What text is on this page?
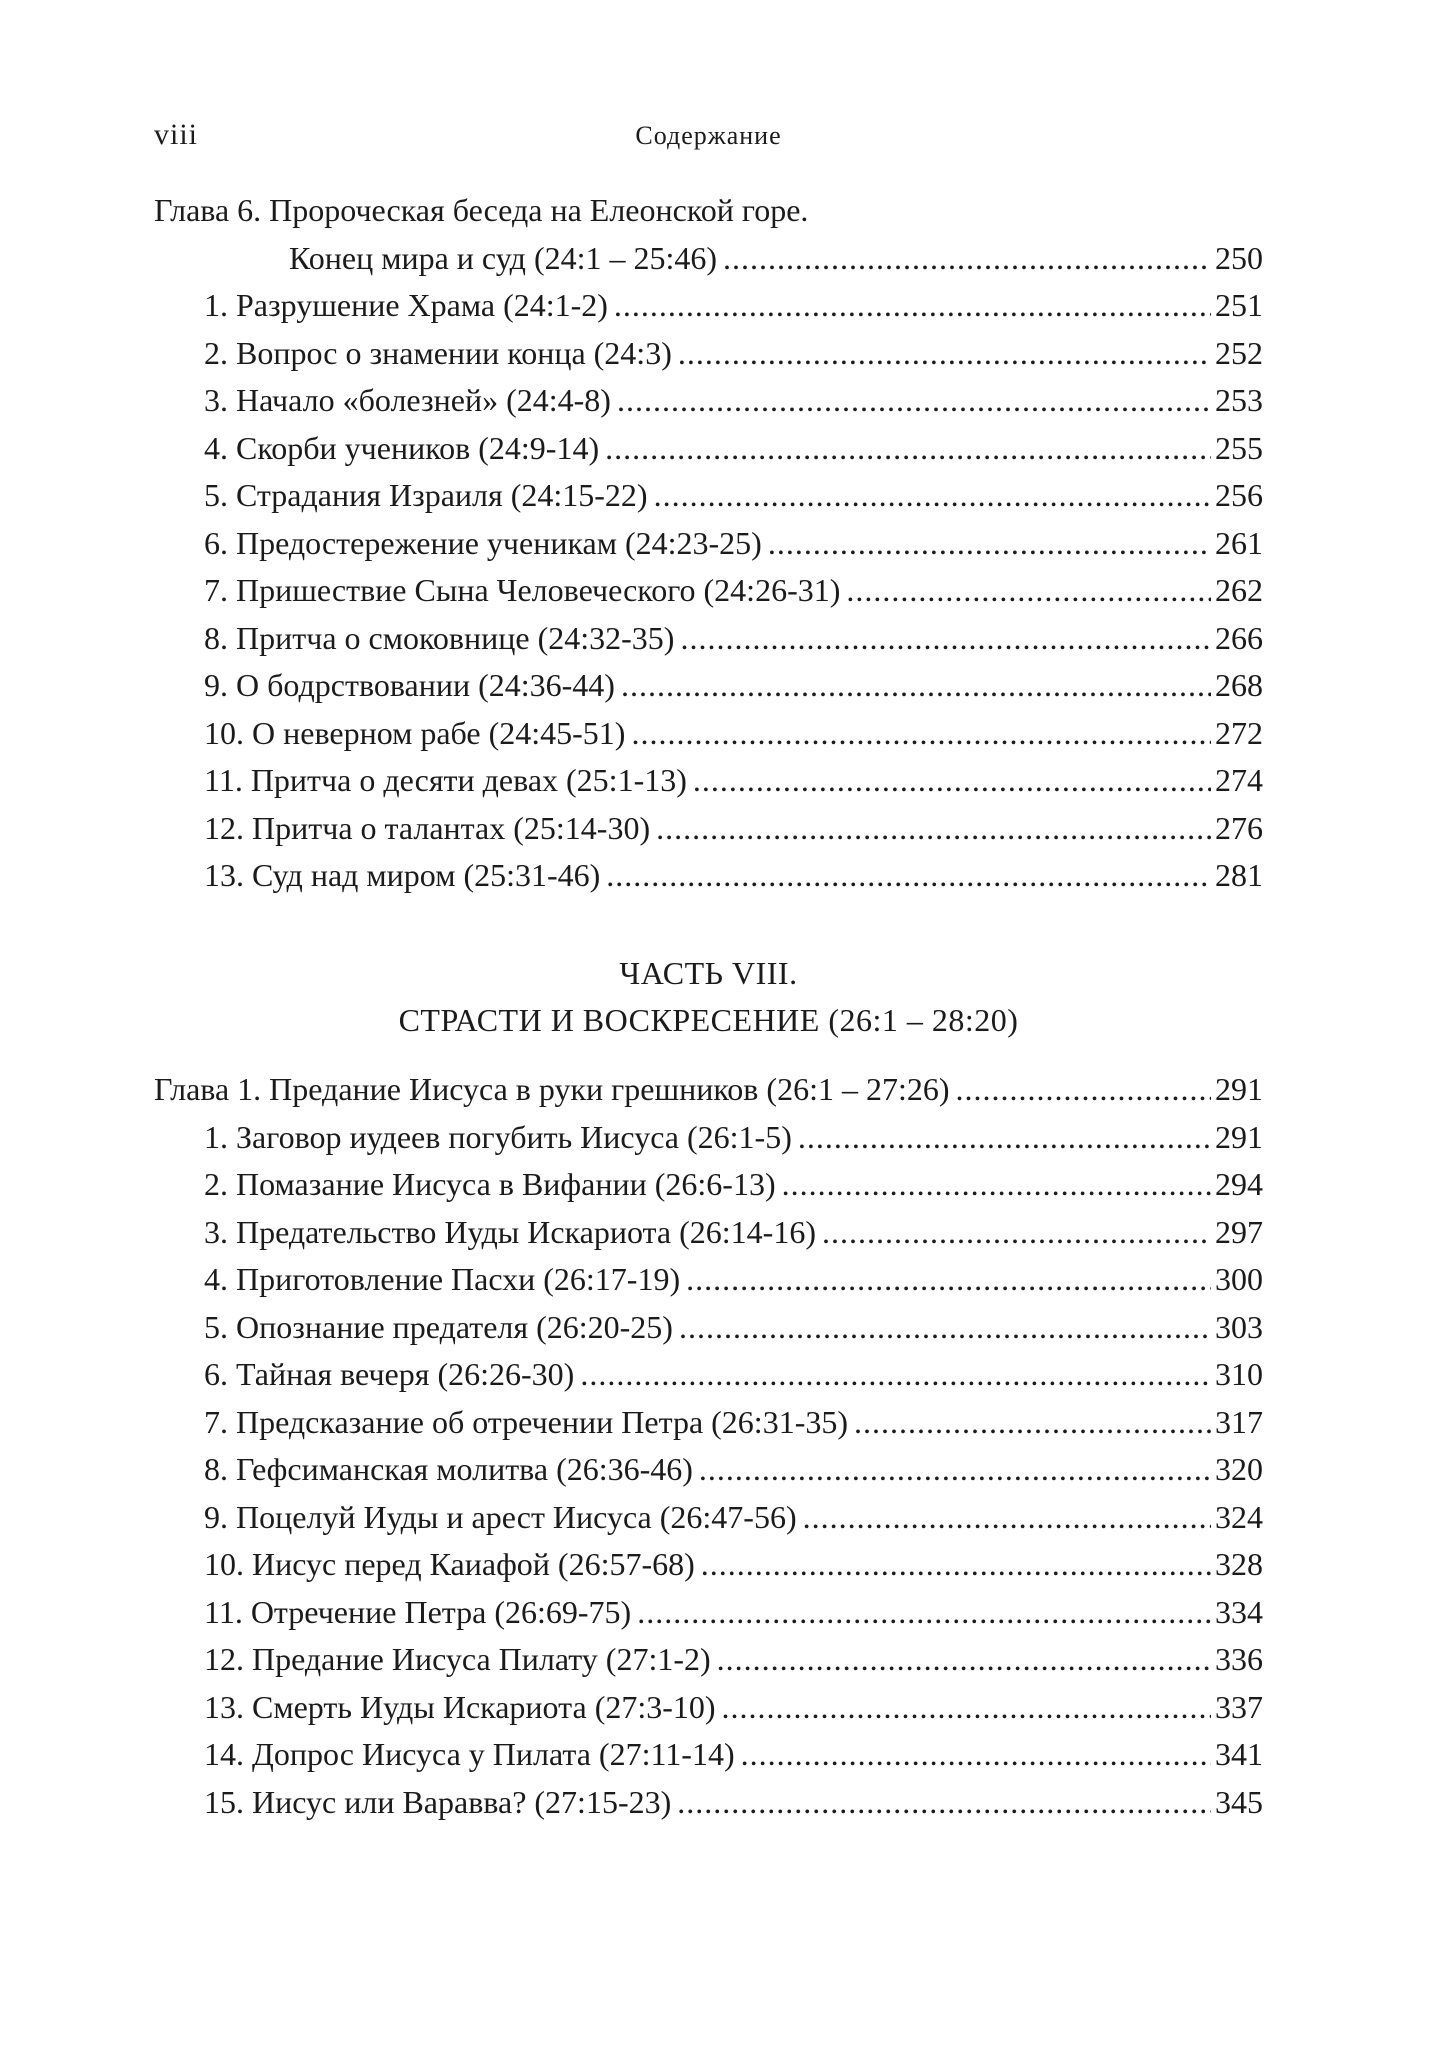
viii	Содержание
Глава 6. Пророческая беседа на Елеонской горе.
Конец мира и суд (24:1 – 25:46) .....	250
1. Разрушение Храма (24:1-2) .....	251
2. Вопрос о знамении конца (24:3) .....	252
3. Начало «болезней» (24:4-8) .....	253
4. Скорби учеников (24:9-14) .....	255
5. Страдания Израиля (24:15-22) .....	256
6. Предостережение ученикам (24:23-25) .....	261
7. Пришествие Сына Человеческого (24:26-31) .....	262
8. Притча о смоковнице (24:32-35) .....	266
9. О бодрствовании (24:36-44) .....	268
10. О неверном рабе (24:45-51) .....	272
11. Притча о десяти девах (25:1-13) .....	274
12. Притча о талантах (25:14-30) .....	276
13. Суд над миром (25:31-46) .....	281
ЧАСТЬ VIII.
СТРАСТИ И ВОСКРЕСЕНИЕ (26:1 – 28:20)
Глава 1. Предание Иисуса в руки грешников (26:1 – 27:26) .....	291
1. Заговор иудеев погубить Иисуса (26:1-5) .....	291
2. Помазание Иисуса в Вифании (26:6-13) .....	294
3. Предательство Иуды Искариота (26:14-16) .....	297
4. Приготовление Пасхи (26:17-19) .....	300
5. Опознание предателя (26:20-25) .....	303
6. Тайная вечеря (26:26-30) .....	310
7. Предсказание об отречении Петра (26:31-35) .....	317
8. Гефсиманская молитва (26:36-46) .....	320
9. Поцелуй Иуды и арест Иисуса (26:47-56) .....	324
10. Иисус перед Каиафой (26:57-68) .....	328
11. Отречение Петра (26:69-75) .....	334
12. Предание Иисуса Пилату (27:1-2) .....	336
13. Смерть Иуды Искариота (27:3-10) .....	337
14. Допрос Иисуса у Пилата (27:11-14) .....	341
15. Иисус или Варавва? (27:15-23) .....	345
